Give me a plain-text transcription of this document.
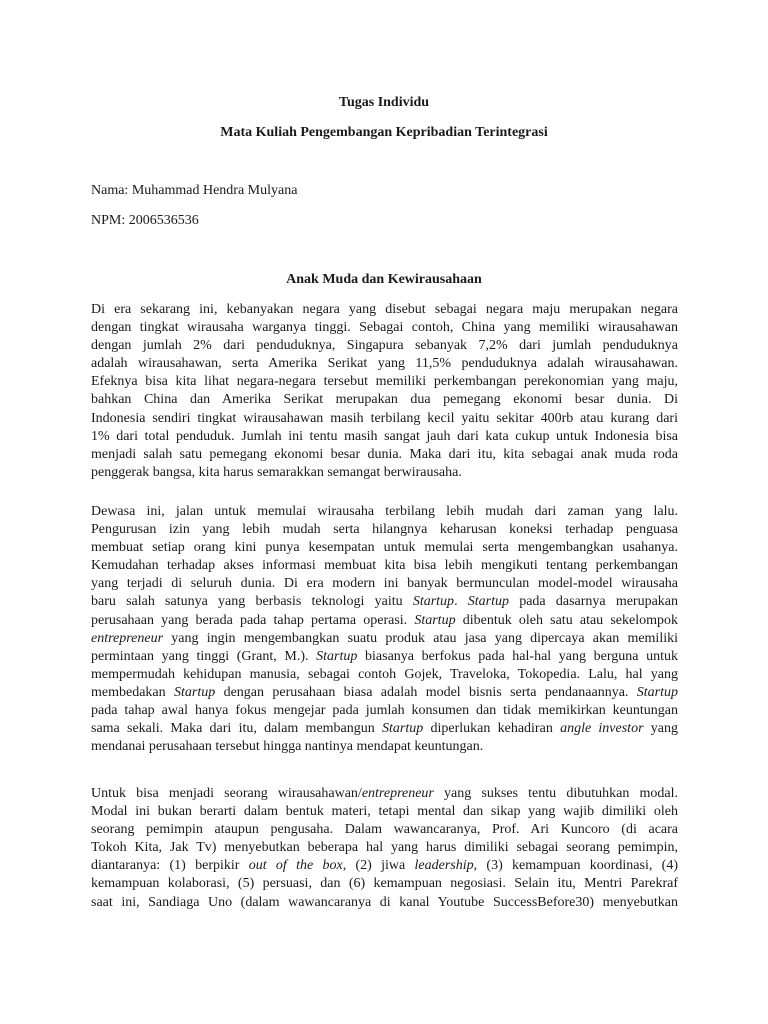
Tugas Individu
Mata Kuliah Pengembangan Kepribadian Terintegrasi
Nama: Muhammad Hendra Mulyana
NPM: 2006536536
Anak Muda dan Kewirausahaan
Di era sekarang ini, kebanyakan negara yang disebut sebagai negara maju merupakan negara
dengan tingkat wirausaha warganya tinggi. Sebagai contoh, China yang memiliki wirausahawan
dengan jumlah 2% dari penduduknya, Singapura sebanyak 7,2% dari jumlah penduduknya
adalah wirausahawan, serta Amerika Serikat yang 11,5% penduduknya adalah wirausahawan.
Efeknya bisa kita lihat negara-negara tersebut memiliki perkembangan perekonomian yang maju,
bahkan China dan Amerika Serikat merupakan dua pemegang ekonomi besar dunia. Di
Indonesia sendiri tingkat wirausahawan masih terbilang kecil yaitu sekitar 400rb atau kurang dari
1% dari total penduduk. Jumlah ini tentu masih sangat jauh dari kata cukup untuk Indonesia bisa
menjadi salah satu pemegang ekonomi besar dunia. Maka dari itu, kita sebagai anak muda roda
penggerak bangsa, kita harus semarakkan semangat berwirausaha.
Dewasa ini, jalan untuk memulai wirausaha terbilang lebih mudah dari zaman yang lalu.
Pengurusan izin yang lebih mudah serta hilangnya keharusan koneksi terhadap penguasa
membuat setiap orang kini punya kesempatan untuk memulai serta mengembangkan usahanya.
Kemudahan terhadap akses informasi membuat kita bisa lebih mengikuti tentang perkembangan
yang terjadi di seluruh dunia. Di era modern ini banyak bermunculan model-model wirausaha
baru salah satunya yang berbasis teknologi yaitu Startup. Startup pada dasarnya merupakan
perusahaan yang berada pada tahap pertama operasi. Startup dibentuk oleh satu atau sekelompok
entrepreneur yang ingin mengembangkan suatu produk atau jasa yang dipercaya akan memiliki
permintaan yang tinggi (Grant, M.). Startup biasanya berfokus pada hal-hal yang berguna untuk
mempermudah kehidupan manusia, sebagai contoh Gojek, Traveloka, Tokopedia. Lalu, hal yang
membedakan Startup dengan perusahaan biasa adalah model bisnis serta pendanaannya. Startup
pada tahap awal hanya fokus mengejar pada jumlah konsumen dan tidak memikirkan keuntungan
sama sekali. Maka dari itu, dalam membangun Startup diperlukan kehadiran angle investor yang
mendanai perusahaan tersebut hingga nantinya mendapat keuntungan.
Untuk bisa menjadi seorang wirausahawan/entrepreneur yang sukses tentu dibutuhkan modal.
Modal ini bukan berarti dalam bentuk materi, tetapi mental dan sikap yang wajib dimiliki oleh
seorang pemimpin ataupun pengusaha. Dalam wawancaranya, Prof. Ari Kuncoro (di acara
Tokoh Kita, Jak Tv) menyebutkan beberapa hal yang harus dimiliki sebagai seorang pemimpin,
diantaranya: (1) berpikir out of the box, (2) jiwa leadership, (3) kemampuan koordinasi, (4)
kemampuan kolaborasi, (5) persuasi, dan (6) kemampuan negosiasi. Selain itu, Mentri Parekraf
saat ini, Sandiaga Uno (dalam wawancaranya di kanal Youtube SuccessBefore30) menyebutkan
